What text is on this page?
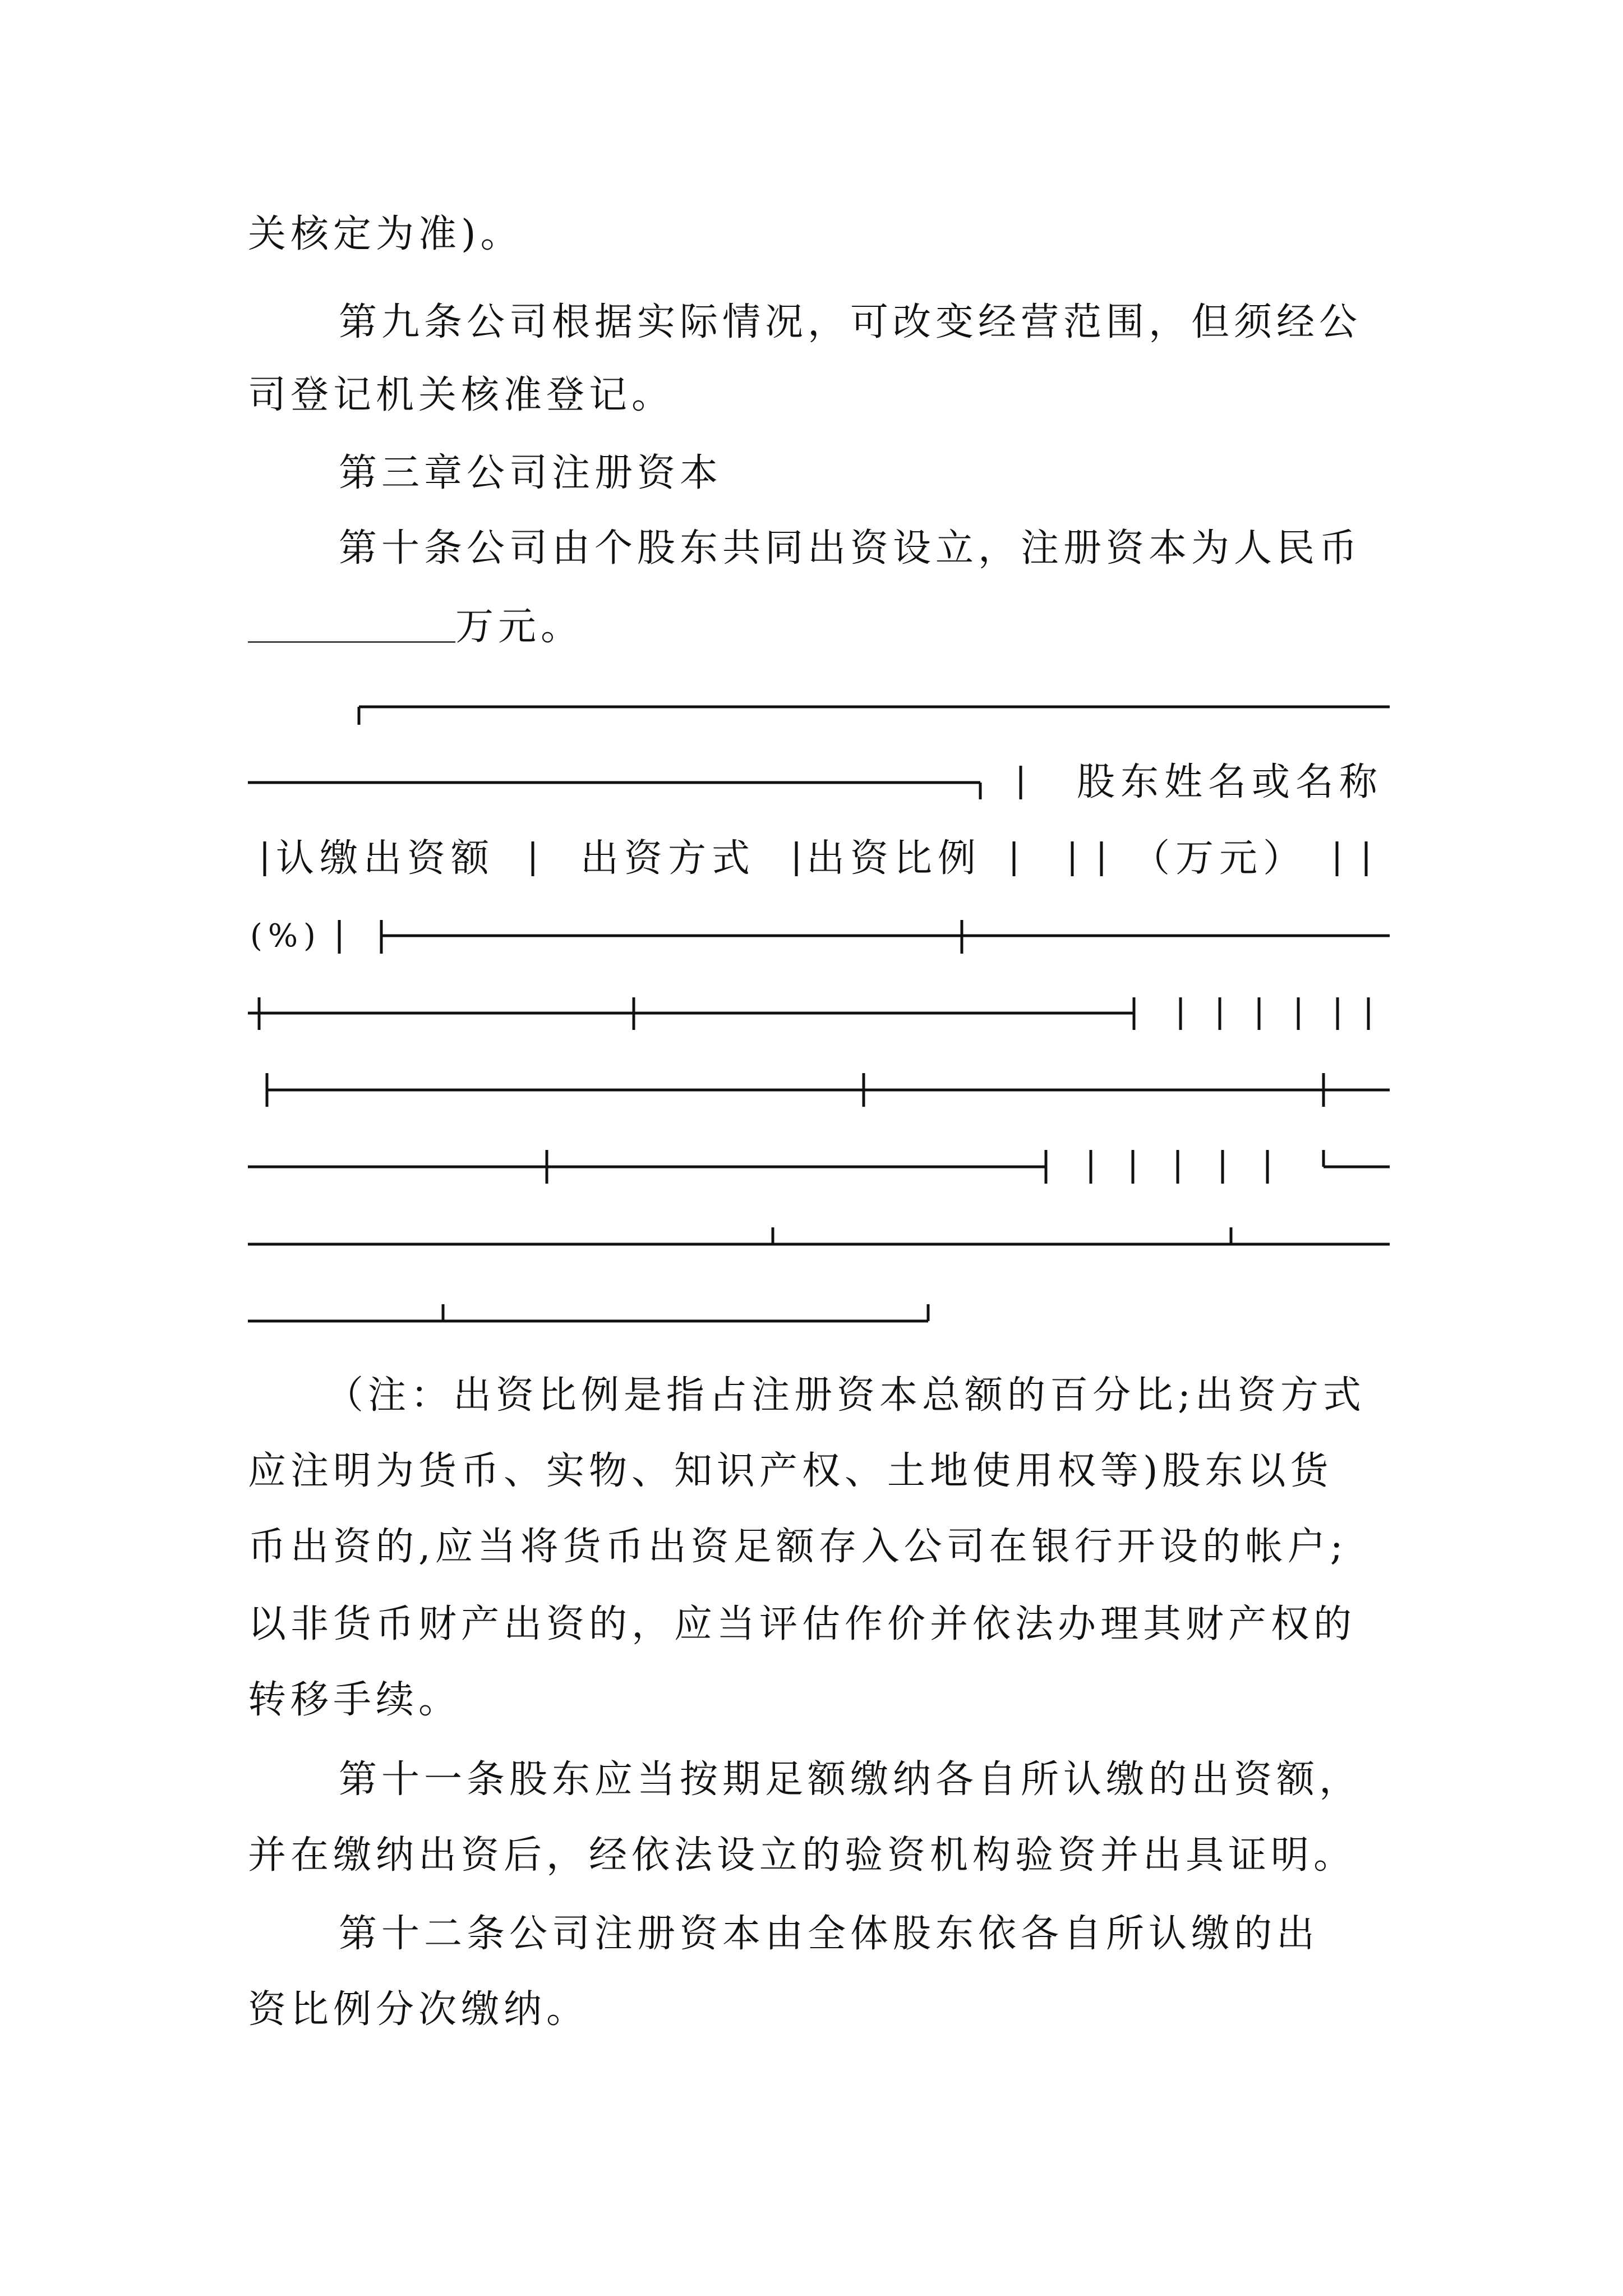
关核定为准)。
第九条公司根据实际情况，可改变经营范围，但须经公
司登记机关核准登记。
第三章公司注册资本
第十条公司由个股东共同出资设立，注册资本为人民币
万元。
股东姓名或名称
认缴出资额 出资方式 出资比例	（万元）
(%)
（注：出资比例是指占注册资本总额的百分比;出资方式
应注明为货币、实物、知识产权、土地使用权等)股东以货
币出资的,应当将货币出资足额存入公司在银行开设的帐户;
以非货币财产出资的，应当评估作价并依法办理其财产权的
转移手续。
第十一条股东应当按期足额缴纳各自所认缴的出资额，
并在缴纳出资后，经依法设立的验资机构验资并出具证明。
第十二条公司注册资本由全体股东依各自所认缴的出
资比例分次缴纳。
